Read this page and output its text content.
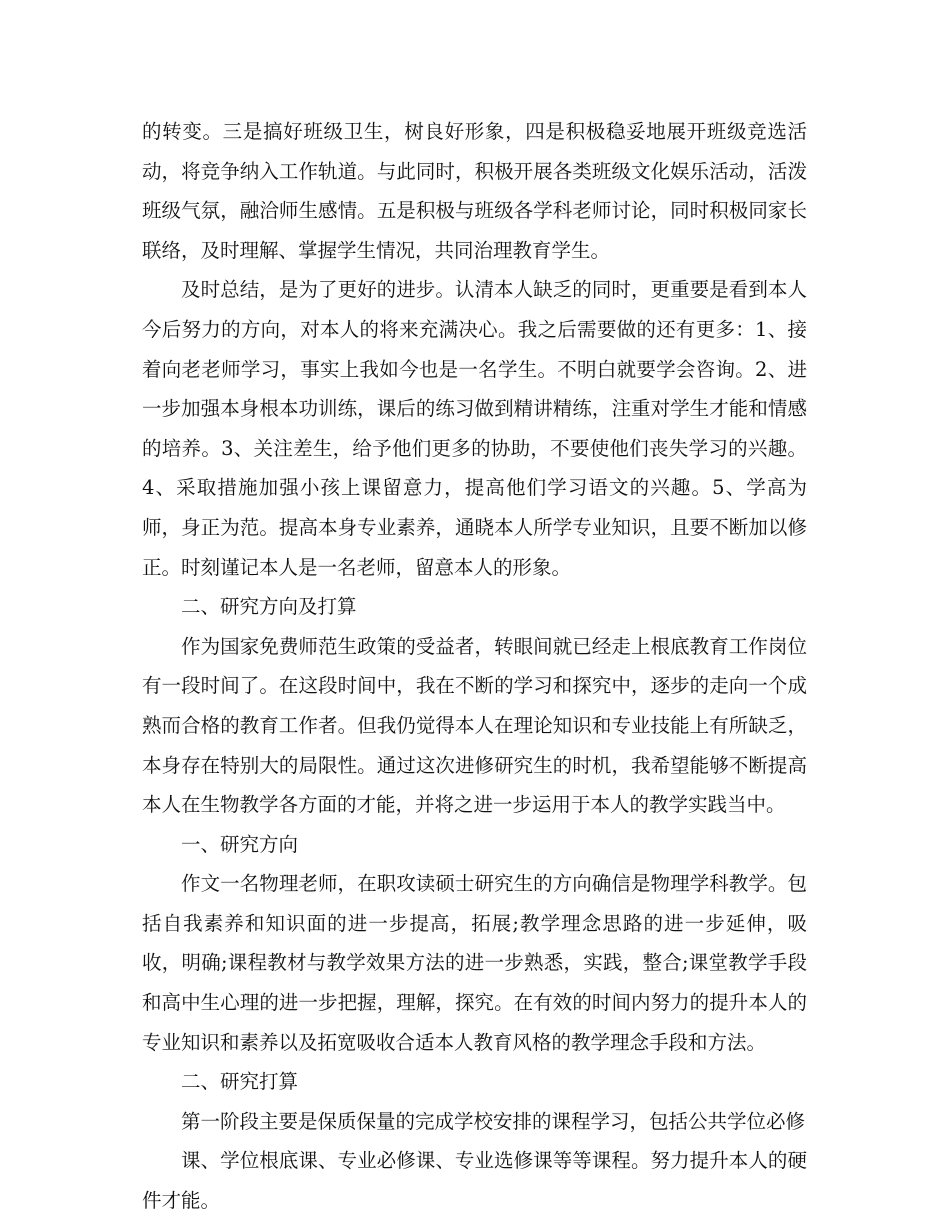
的转变。三是搞好班级卫生，树良好形象，四是积极稳妥地展开班级竞选活动，将竞争纳入工作轨道。与此同时，积极开展各类班级文化娱乐活动，活泼班级气氛，融洽师生感情。五是积极与班级各学科老师讨论，同时积极同家长联络，及时理解、掌握学生情况，共同治理教育学生。

及时总结，是为了更好的进步。认清本人缺乏的同时，更重要是看到本人今后努力的方向，对本人的将来充满决心。我之后需要做的还有更多：1、接着向老老师学习，事实上我如今也是一名学生。不明白就要学会咨询。2、进一步加强本身根本功训练，课后的练习做到精讲精练，注重对学生才能和情感的培养。3、关注差生，给予他们更多的协助，不要使他们丧失学习的兴趣。4、采取措施加强小孩上课留意力，提高他们学习语文的兴趣。5、学高为师，身正为范。提高本身专业素养，通晓本人所学专业知识，且要不断加以修正。时刻谨记本人是一名老师，留意本人的形象。

二、研究方向及打算

作为国家免费师范生政策的受益者，转眼间就已经走上根底教育工作岗位有一段时间了。在这段时间中，我在不断的学习和探究中，逐步的走向一个成熟而合格的教育工作者。但我仍觉得本人在理论知识和专业技能上有所缺乏，本身存在特别大的局限性。通过这次进修研究生的时机，我希望能够不断提高本人在生物教学各方面的才能，并将之进一步运用于本人的教学实践当中。

一、研究方向

作文一名物理老师，在职攻读硕士研究生的方向确信是物理学科教学。包括自我素养和知识面的进一步提高，拓展;教学理念思路的进一步延伸，吸收，明确;课程教材与教学效果方法的进一步熟悉，实践，整合;课堂教学手段和高中生心理的进一步把握，理解，探究。在有效的时间内努力的提升本人的专业知识和素养以及拓宽吸收合适本人教育风格的教学理念手段和方法。

二、研究打算

第一阶段主要是保质保量的完成学校安排的课程学习，包括公共学位必修

课、学位根底课、专业必修课、专业选修课等等课程。努力提升本人的硬件才能。
